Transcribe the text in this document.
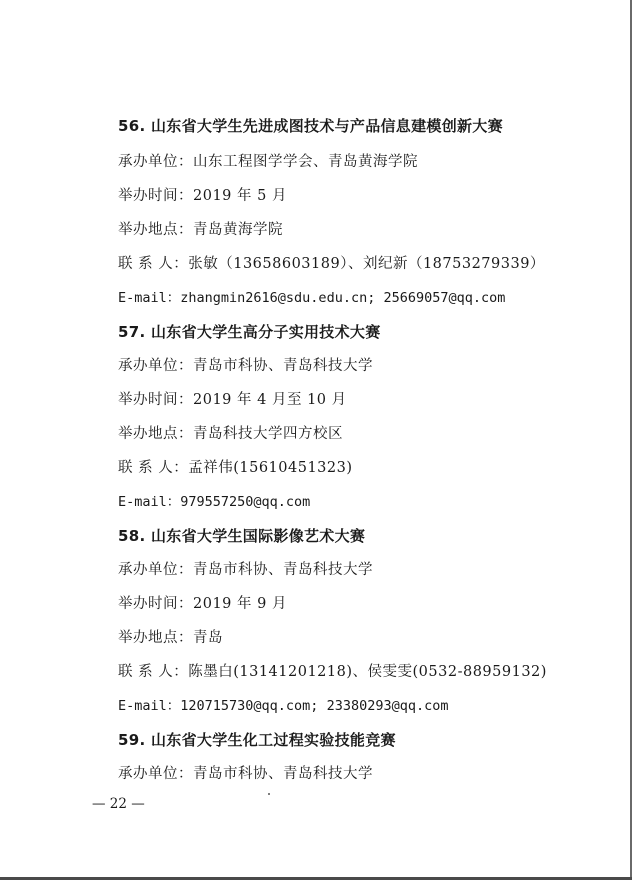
56. 山东省大学生先进成图技术与产品信息建模创新大赛
承办单位：山东工程图学学会、青岛黄海学院
举办时间：2019 年 5 月
举办地点：青岛黄海学院
联 系 人：张敏（13658603189）、刘纪新（18753279339）
E-mail：zhangmin2616@sdu.edu.cn; 25669057@qq.com
57. 山东省大学生高分子实用技术大赛
承办单位：青岛市科协、青岛科技大学
举办时间：2019 年 4 月至 10 月
举办地点：青岛科技大学四方校区
联 系 人：孟祥伟(15610451323)
E-mail：979557250@qq.com
58. 山东省大学生国际影像艺术大赛
承办单位：青岛市科协、青岛科技大学
举办时间：2019 年 9 月
举办地点：青岛
联 系 人：陈墨白(13141201218)、侯雯雯(0532-88959132)
E-mail：120715730@qq.com; 23380293@qq.com
59. 山东省大学生化工过程实验技能竞赛
承办单位：青岛市科协、青岛科技大学
— 22 —
